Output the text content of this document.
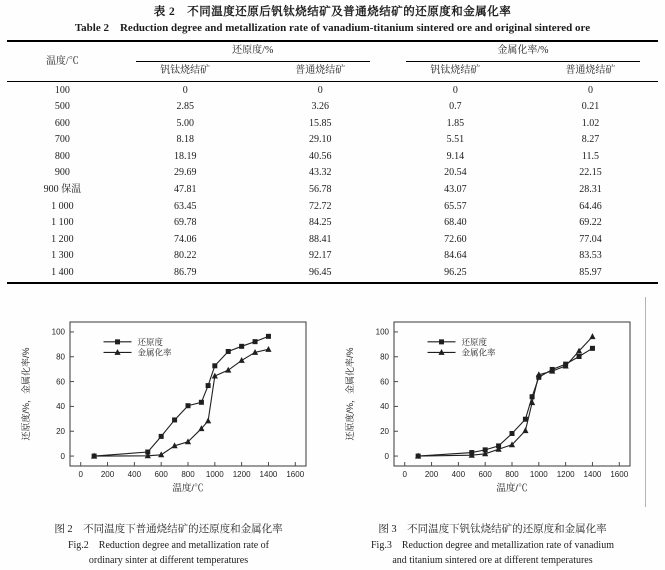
表 2　不同温度还原后钒钛烧结矿及普通烧结矿的还原度和金属化率
Table 2　Reduction degree and metallization rate of vanadium-titanium sintered ore and original sintered ore
温度/℃	还原度/%		金属化率/%	

	钒钛烧结矿	普通烧结矿	钒钛烧结矿	普通烧结矿
100	0	0	0	0
500	2.85	3.26	0.7	0.21
600	5.00	15.85	1.85	1.02
700	8.18	29.10	5.51	8.27
800	18.19	40.56	9.14	11.5
900	29.69	43.32	20.54	22.15
900 保温	47.81	56.78	43.07	28.31
1 000	63.45	72.72	65.57	64.46
1 100	69.78	84.25	68.40	69.22
1 200	74.06	88.41	72.60	77.04
1 300	80.22	92.17	84.64	83.53
1 400	86.79	96.45	96.25	85.97
0 200 400 600 800 1000 1200 1400 1600
温度/℃
0
20
40
60
80
100
还原度/%，金属化率/%
还原度
金属化率
图 2　不同温度下普通烧结矿的还原度和金属化率
Fig.2　Reduction degree and metallization rate of
ordinary sinter at different temperatures
0 200 400 600 800 1000 1200 1400 1600
温度/℃
0
20
40
60
80
100
还原度/%，金属化率/%
还原度
金属化率
图 3　不同温度下钒钛烧结矿的还原度和金属化率
Fig.3　Reduction degree and metallization rate of vanadium
and titanium sintered ore at different temperatures
